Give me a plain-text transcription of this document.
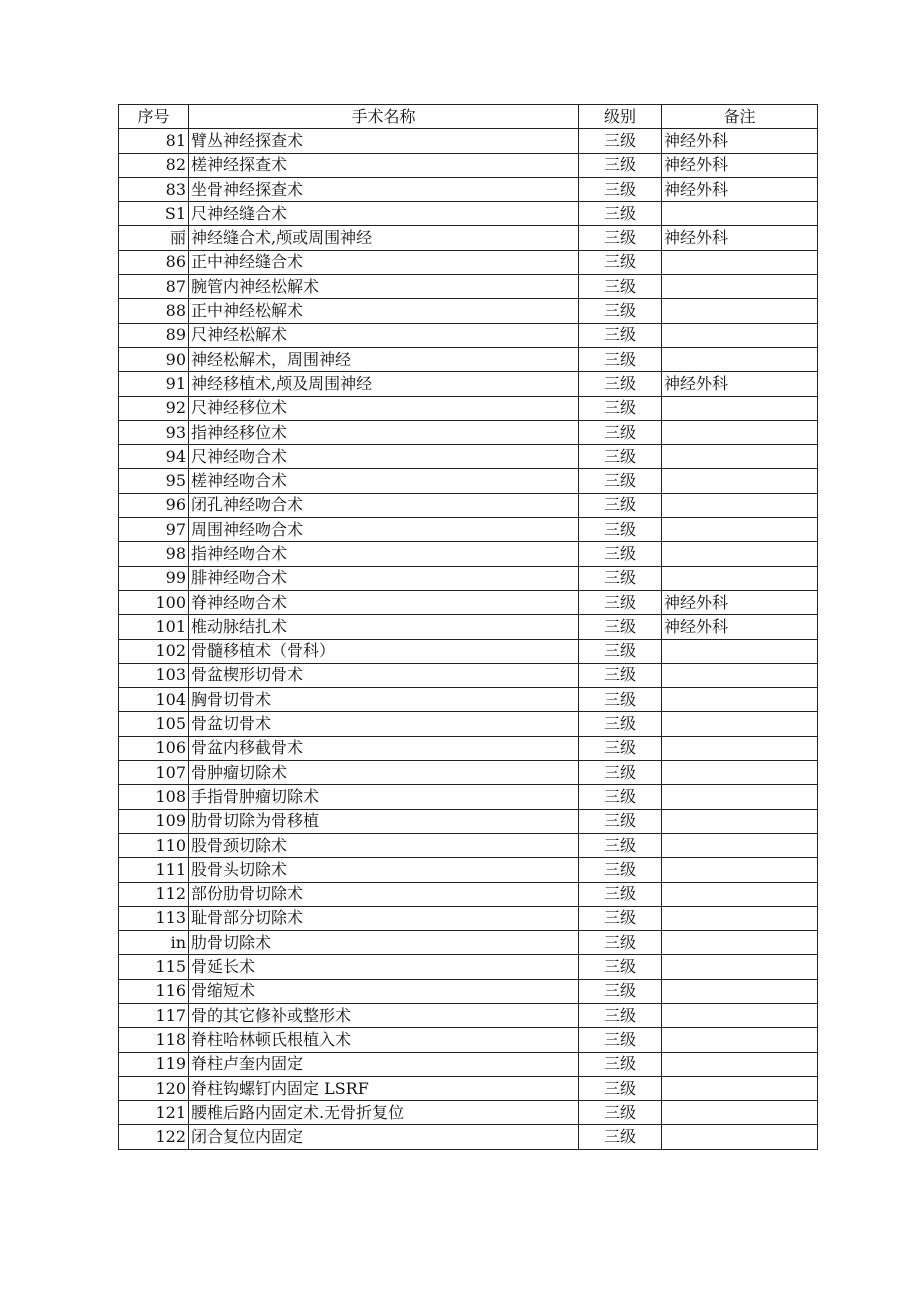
序号	手术名称	级别	备注
81	臂丛神经探查术	三级	神经外科
82	槎神经探查术	三级	神经外科
83	坐骨神经探查术	三级	神经外科
S1	尺神经缝合术	三级	
丽	神经缝合术,颅或周围神经	三级	神经外科
86	正中神经缝合术	三级	
87	腕管内神经松解术	三级	
88	正中神经松解术	三级	
89	尺神经松解术	三级	
90	神经松解术，周围神经	三级	
91	神经移植术,颅及周围神经	三级	神经外科
92	尺神经移位术	三级	
93	指神经移位术	三级	
94	尺神经吻合术	三级	
95	槎神经吻合术	三级	
96	闭孔神经吻合术	三级	
97	周围神经吻合术	三级	
98	指神经吻合术	三级	
99	腓神经吻合术	三级	
100	脊神经吻合术	三级	神经外科
101	椎动脉结扎术	三级	神经外科
102	骨髓移植术（骨科）	三级	
103	骨盆楔形切骨术	三级	
104	胸骨切骨术	三级	
105	骨盆切骨术	三级	
106	骨盆内移截骨术	三级	
107	骨肿瘤切除术	三级	
108	手指骨肿瘤切除术	三级	
109	肋骨切除为骨移植	三级	
110	股骨颈切除术	三级	
111	股骨头切除术	三级	
112	部份肋骨切除术	三级	
113	耻骨部分切除术	三级	
in	肋骨切除术	三级	
115	骨延长术	三级	
116	骨缩短术	三级	
117	骨的其它修补或整形术	三级	
118	脊柱哈林顿氏根植入术	三级	
119	脊柱卢奎内固定	三级	
120	脊柱钩螺钉内固定 LSRF	三级	
121	腰椎后路内固定术.无骨折复位	三级	
122	闭合复位内固定	三级	
